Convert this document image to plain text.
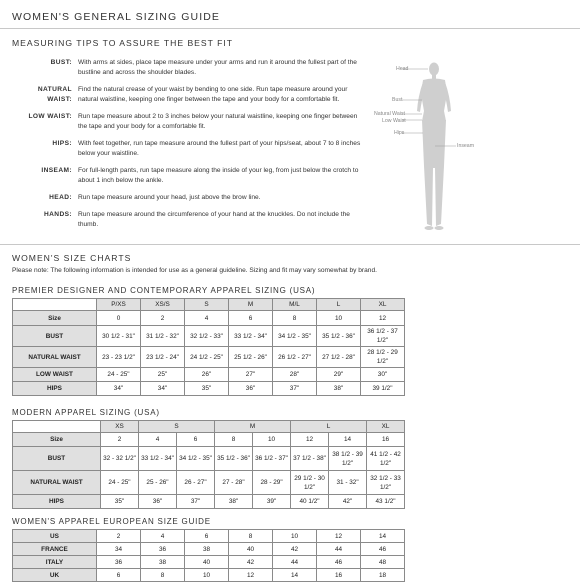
WOMEN'S GENERAL SIZING GUIDE
MEASURING TIPS TO ASSURE THE BEST FIT
BUST: With arms at sides, place tape measure under your arms and run it around the fullest part of the bustline and across the shoulder blades.
NATURAL WAIST:
Find the natural crease of your waist by bending to one side. Run tape measure around your natural waistline, keeping one finger between the tape and your body for a comfortable fit.
LOW WAIST: Run tape measure about 2 to 3 inches below your natural waistline, keeping one finger between the tape and your body for a comfortable fit.
HIPS: With feet together, run tape measure around the fullest part of your hips/seat, about 7 to 8 inches below your waistline.
INSEAM: For full-length pants, run tape measure along the inside of your leg, from just below the crotch to about 1 inch below the ankle.
HEAD: Run tape measure around your head, just above the brow line.
HANDS: Run tape measure around the circumference of your hand at the knuckles. Do not include the thumb.
Head
Bust
Natural Waist
Low Waist
Hips
Inseam
WOMEN'S SIZE CHARTS
Please note: The following information is intended for use as a general guideline. Sizing and fit may vary somewhat by brand.
PREMIER DESIGNER AND CONTEMPORARY APPAREL SIZING (USA)
	P/XS	XS/S	S	M	M/L	L	XL
Size	0	2	4	6	8	10	12
BUST	30 1/2 - 31"	31 1/2 - 32"	32 1/2 - 33"	33 1/2 - 34"	34 1/2 - 35"	35 1/2 - 36"	36 1/2 - 37 1/2"
NATURAL WAIST	23 - 23 1/2"	23 1/2 - 24"	24 1/2 - 25"	25 1/2 - 26"	26 1/2 - 27"	27 1/2 - 28"	28 1/2 - 29 1/2"
LOW WAIST	24 - 25"	25"	26"	27"	28"	29"	30"
HIPS	34"	34"	35"	36"	37"	38"	39 1/2"
MODERN APPAREL SIZING (USA)
	XS	S		M		L		XL
Size	2	4	6	8	10	12	14	16
BUST	32 - 32 1/2"	33 1/2 - 34"	34 1/2 - 35"	35 1/2 - 36"	36 1/2 - 37"	37 1/2 - 38"	38 1/2 - 39 1/2"	41 1/2 - 42 1/2"
NATURAL WAIST	24 - 25"	25 - 26"	26 - 27"	27 - 28"	28 - 29"	29 1/2 - 30 1/2"	31 - 32"	32 1/2 - 33 1/2"
HIPS	35"	36"	37"	38"	39"	40 1/2"	42"	43 1/2"
WOMEN'S APPAREL EUROPEAN SIZE GUIDE
US	2	4	6	8	10	12	14
FRANCE	34	36	38	40	42	44	46
ITALY	36	38	40	42	44	46	48
UK	6	8	10	12	14	16	18
